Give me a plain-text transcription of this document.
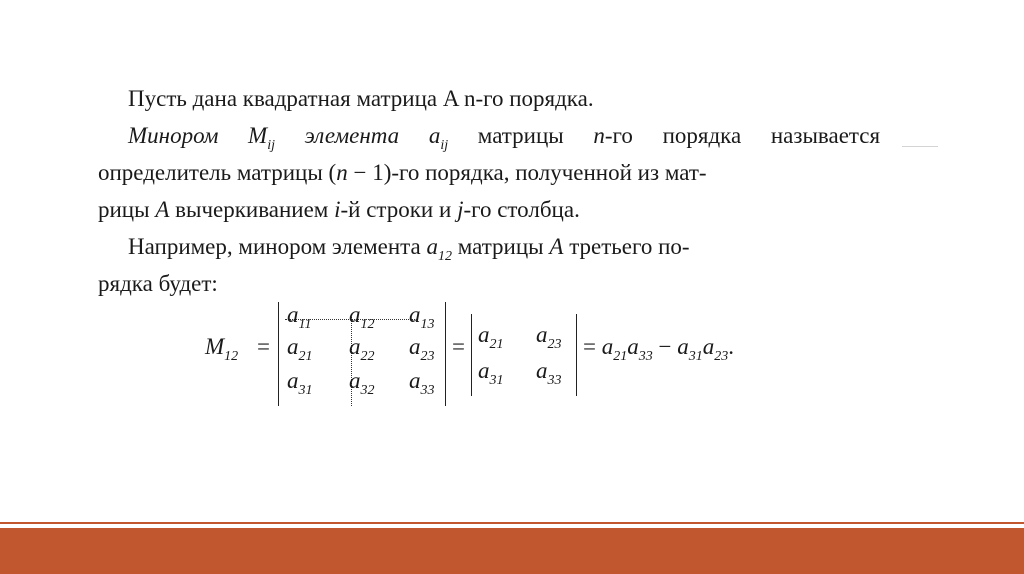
Пусть дана квадратная матрица A n-го порядка.
Минором $M_{ij}$ элемента $a_{ij}$ матрицы n-го порядка называется
определитель матрицы (n − 1)-го порядка, полученной из мат-
рицы A вычеркиванием i-й строки и j-го столбца.
Например, минором элемента $a_{12}$ матрицы A третьего по-
рядка будет:
$M_{12}$ =
$a_{11}$ $a_{12}$ $a_{13}$
$a_{21}$ $a_{22}$ $a_{23}$
$a_{31}$ $a_{32}$ $a_{33}$
= $a_{21}$ $a_{23}$
$a_{31}$ $a_{33}$
= $a_{21}a_{33} - a_{31}a_{23}$.
